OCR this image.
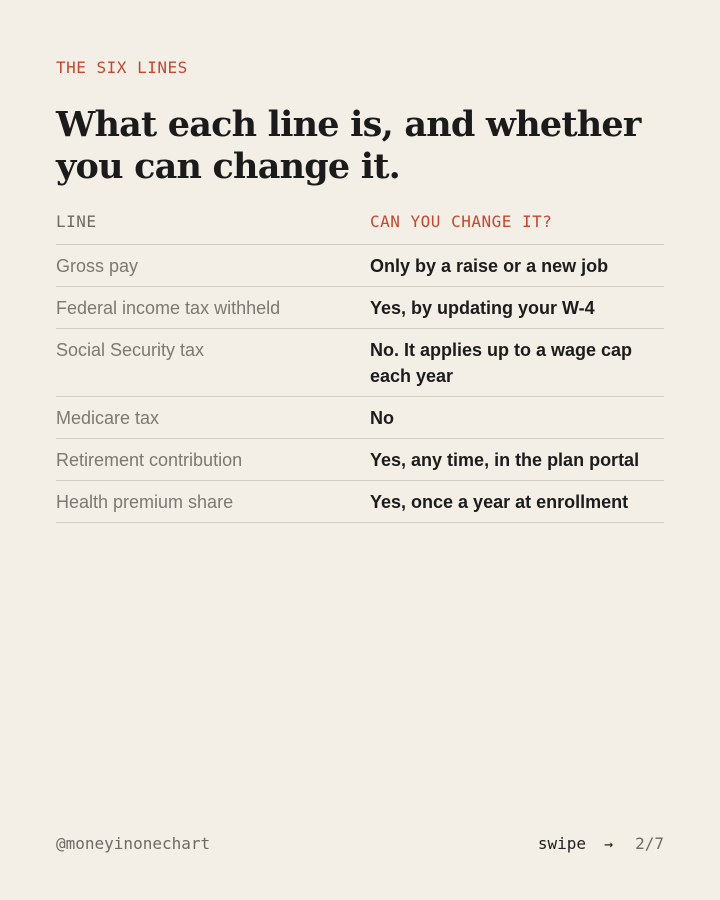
THE SIX LINES
What each line is, and whether you can change it.
LINE	CAN YOU CHANGE IT?
Gross pay	Only by a raise or a new job
Federal income tax withheld	Yes, by updating your W-4
Social Security tax	No. It applies up to a wage cap each year
Medicare tax	No
Retirement contribution	Yes, any time, in the plan portal
Health premium share	Yes, once a year at enrollment
@moneyinonechart	swipe → 2/7
